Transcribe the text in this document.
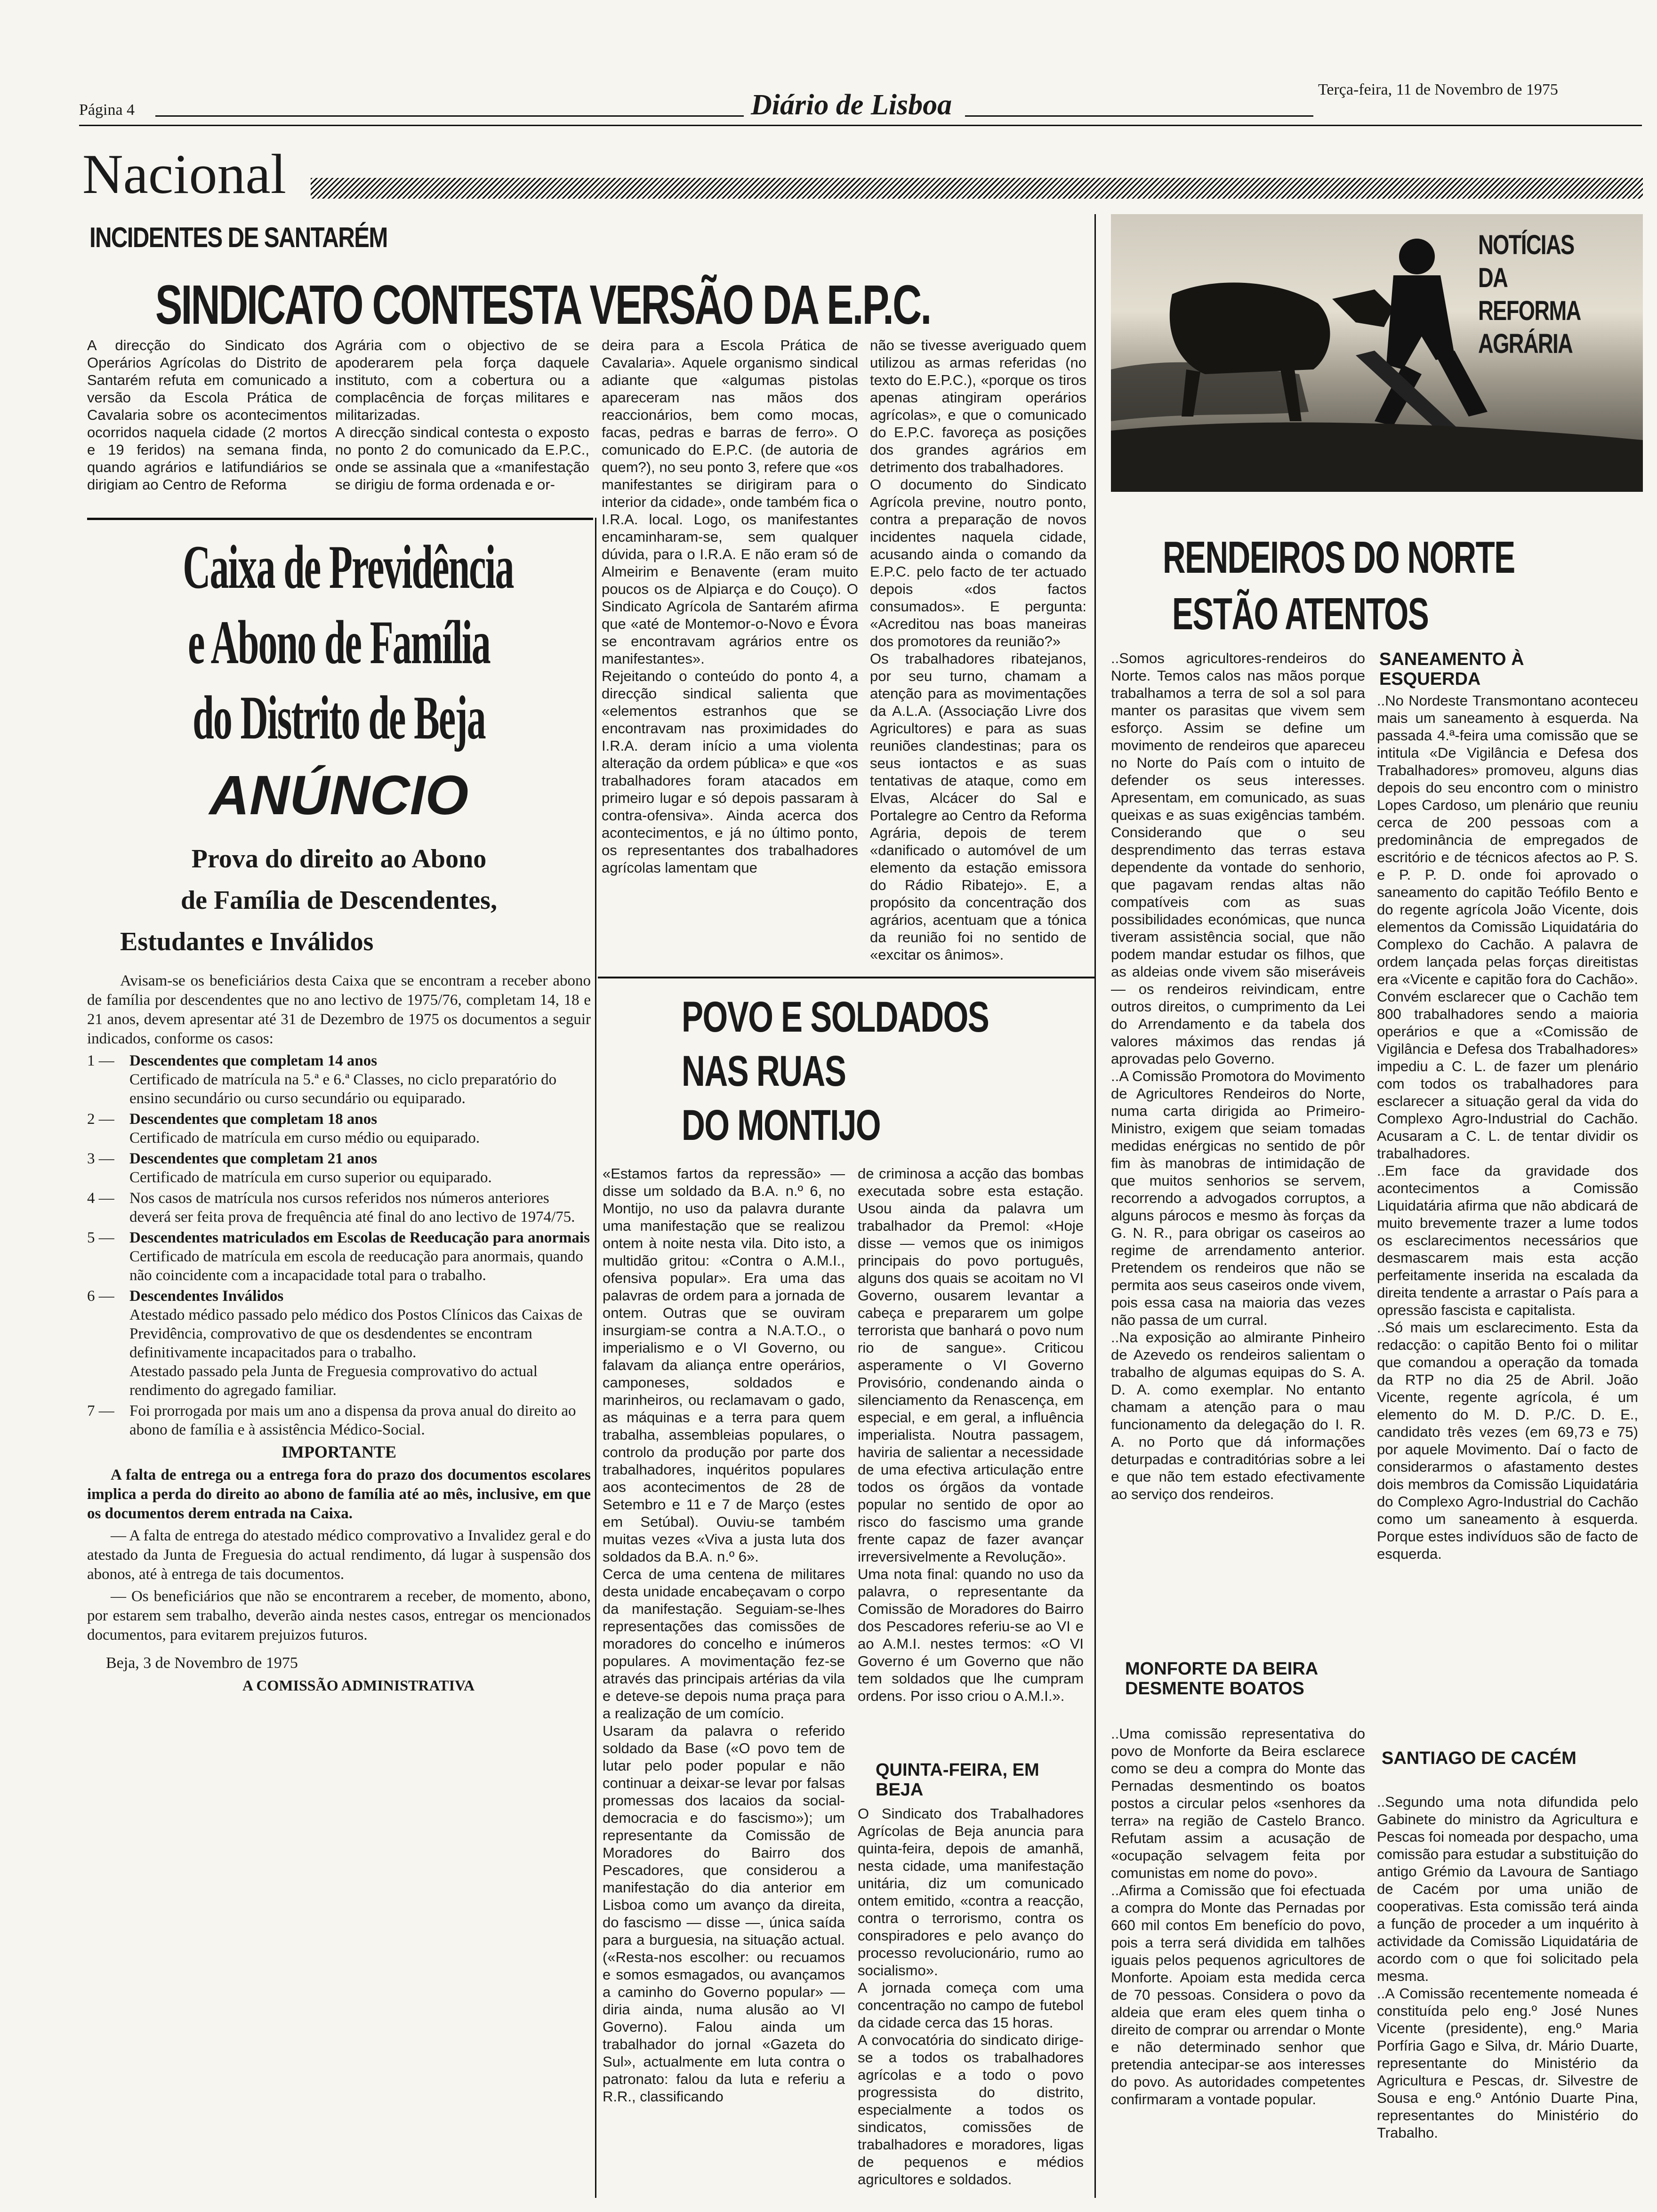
Página 4	Diário de Lisboa	Terça-feira, 11 de Novembro de 1975
Nacional
INCIDENTES DE SANTARÉM
SINDICATO CONTESTA VERSÃO DA E.P.C.

A direcção do Sindicato dos Operários Agrícolas do Distrito de Santarém refuta em comunicado a versão da Escola Prática de Cavalaria sobre os acontecimentos ocorridos naquela cidade (2 mortos e 19 feridos) na semana finda, quando agrários e latifundiários se dirigiam ao Centro de Reforma

Agrária com o objectivo de se apoderarem pela força daquele instituto, com a cobertura ou a complacência de forças militares e militarizadas.
A direcção sindical contesta o exposto no ponto 2 do comunicado da E.P.C., onde se assinala que a «manifestação se dirigiu de forma ordenada e or-

deira para a Escola Prática de Cavalaria». Aquele organismo sindical adiante que «algumas pistolas apareceram nas mãos dos reaccionários, bem como mocas, facas, pedras e barras de ferro». O comunicado do E.P.C. (de autoria de quem?), no seu ponto 3, refere que «os manifestantes se dirigiram para o interior da cidade», onde também fica o I.R.A. local. Logo, os manifestantes encaminharam-se, sem qualquer dúvida, para o I.R.A. E não eram só de Almeirim e Benavente (eram muito poucos os de Alpiarça e do Couço). O Sindicato Agrícola de Santarém afirma que «até de Montemor-o-Novo e Évora se encontravam agrários entre os manifestantes».
Rejeitando o conteúdo do ponto 4, a direcção sindical salienta que «elementos estranhos que se encontravam nas proximidades do I.R.A. deram início a uma violenta alteração da ordem pública» e que «os trabalhadores foram atacados em primeiro lugar e só depois passaram à contra-ofensiva». Ainda acerca dos acontecimentos, e já no último ponto, os representantes dos trabalhadores agrícolas lamentam que

não se tivesse averiguado quem utilizou as armas referidas (no texto do E.P.C.), «porque os tiros apenas atingiram operários agrícolas», e que o comunicado do E.P.C. favoreça as posições dos grandes agrários em detrimento dos trabalhadores.
O documento do Sindicato Agrícola previne, noutro ponto, contra a preparação de novos incidentes naquela cidade, acusando ainda o comando da E.P.C. pelo facto de ter actuado depois «dos factos consumados». E pergunta: «Acreditou nas boas maneiras dos promotores da reunião?»
Os trabalhadores ribatejanos, por seu turno, chamam a atenção para as movimentações da A.L.A. (Associação Livre dos Agricultores) e para as suas reuniões clandestinas; para os seus iontactos e as suas tentativas de ataque, como em Elvas, Alcácer do Sal e Portalegre ao Centro da Reforma Agrária, depois de terem «danificado o automóvel de um elemento da estação emissora do Rádio Ribatejo». E, a propósito da concentração dos agrários, acentuam que a tónica da reunião foi no sentido de «excitar os ânimos».

Caixa de Previdência
e Abono de Família
do Distrito de Beja
ANÚNCIO
Prova do direito ao Abono
de Família de Descendentes,
Estudantes e Inválidos

Avisam-se os beneficiários desta Caixa que se encontram a receber abono de família por descendentes que no ano lectivo de 1975/76, completam 14, 18 e 21 anos, devem apresentar até 31 de Dezembro de 1975 os documentos a seguir indicados, conforme os casos:

1 — Descendentes que completam 14 anos
Certificado de matrícula na 5.ª e 6.ª Classes, no ciclo preparatório do ensino secundário ou curso secundário ou equiparado.
2 — Descendentes que completam 18 anos
Certificado de matrícula em curso médio ou equiparado.
3 — Descendentes que completam 21 anos
Certificado de matrícula em curso superior ou equiparado.
4 — Nos casos de matrícula nos cursos referidos nos números anteriores deverá ser feita prova de frequência até final do ano lectivo de 1974/75.
5 — Descendentes matriculados em Escolas de Reeducação para anormais
Certificado de matrícula em escola de reeducação para anormais, quando não coincidente com a incapacidade total para o trabalho.
6 — Descendentes Inválidos
Atestado médico passado pelo médico dos Postos Clínicos das Caixas de Previdência, comprovativo de que os desdendentes se encontram definitivamente incapacitados para o trabalho.
Atestado passado pela Junta de Freguesia comprovativo do actual rendimento do agregado familiar.
7 — Foi prorrogada por mais um ano a dispensa da prova anual do direito ao abono de família e à assistência Médico-Social.
IMPORTANTE

A falta de entrega ou a entrega fora do prazo dos documentos escolares implica a perda do direito ao abono de família até ao mês, inclusive, em que os documentos derem entrada na Caixa.

— A falta de entrega do atestado médico comprovativo a Invalidez geral e do atestado da Junta de Freguesia do actual rendimento, dá lugar à suspensão dos abonos, até à entrega de tais documentos.

— Os beneficiários que não se encontrarem a receber, de momento, abono, por estarem sem trabalho, deverão ainda nestes casos, entregar os mencionados documentos, para evitarem prejuizos futuros.

Beja, 3 de Novembro de 1975
A COMISSÃO ADMINISTRATIVA
POVO E SOLDADOS
NAS RUAS
DO MONTIJO

«Estamos fartos da repressão» — disse um soldado da B.A. n.º 6, no Montijo, no uso da palavra durante uma manifestação que se realizou ontem à noite nesta vila. Dito isto, a multidão gritou: «Contra o A.M.I., ofensiva popular». Era uma das palavras de ordem para a jornada de ontem. Outras que se ouviram insurgiam-se contra a N.A.T.O., o imperialismo e o VI Governo, ou falavam da aliança entre operários, camponeses, soldados e marinheiros, ou reclamavam o gado, as máquinas e a terra para quem trabalha, assembleias populares, o controlo da produção por parte dos trabalhadores, inquéritos populares aos acontecimentos de 28 de Setembro e 11 e 7 de Março (estes em Setúbal). Ouviu-se também muitas vezes «Viva a justa luta dos soldados da B.A. n.º 6».
Cerca de uma centena de militares desta unidade encabeçavam o corpo da manifestação. Seguiam-se-lhes representações das comissões de moradores do concelho e inúmeros populares. A movimentação fez-se através das principais artérias da vila e deteve-se depois numa praça para a realização de um comício.
Usaram da palavra o referido soldado da Base («O povo tem de lutar pelo poder popular e não continuar a deixar-se levar por falsas promessas dos lacaios da social-democracia e do fascismo»); um representante da Comissão de Moradores do Bairro dos Pescadores, que considerou a manifestação do dia anterior em Lisboa como um avanço da direita, do fascismo — disse —, única saída para a burguesia, na situação actual. («Resta-nos escolher: ou recuamos e somos esmagados, ou avançamos a caminho do Governo popular» — diria ainda, numa alusão ao VI Governo). Falou ainda um trabalhador do jornal «Gazeta do Sul», actualmente em luta contra o patronato: falou da luta e referiu a R.R., classificando

de criminosa a acção das bombas executada sobre esta estação. Usou ainda da palavra um trabalhador da Premol: «Hoje disse — vemos que os inimigos principais do povo português, alguns dos quais se acoitam no VI Governo, ousarem levantar a cabeça e prepararem um golpe terrorista que banhará o povo num rio de sangue». Criticou asperamente o VI Governo Provisório, condenando ainda o silenciamento da Renascença, em especial, e em geral, a influência imperialista. Noutra passagem, haviria de salientar a necessidade de uma efectiva articulação entre todos os órgãos da vontade popular no sentido de opor ao risco do fascismo uma grande frente capaz de fazer avançar irreversivelmente a Revolução».
Uma nota final: quando no uso da palavra, o representante da Comissão de Moradores do Bairro dos Pescadores referiu-se ao VI e ao A.M.I. nestes termos: «O VI Governo é um Governo que não tem soldados que lhe cumpram ordens. Por isso criou o A.M.I.».

QUINTA-FEIRA, EM BEJA

O Sindicato dos Trabalhadores Agrícolas de Beja anuncia para quinta-feira, depois de amanhã, nesta cidade, uma manifestação unitária, diz um comunicado ontem emitido, «contra a reacção, contra o terrorismo, contra os conspiradores e pelo avanço do processo revolucionário, rumo ao socialismo».
A jornada começa com uma concentração no campo de futebol da cidade cerca das 15 horas.
A convocatória do sindicato dirige-se a todos os trabalhadores agrícolas e a todo o povo progressista do distrito, especialmente a todos os sindicatos, comissões de trabalhadores e moradores, ligas de pequenos e médios agricultores e soldados.

NOTÍCIAS
DA
REFORMA
AGRÁRIA
RENDEIROS DO NORTE
ESTÃO ATENTOS

..Somos agricultores-rendeiros do Norte. Temos calos nas mãos porque trabalhamos a terra de sol a sol para manter os parasitas que vivem sem esforço. Assim se define um movimento de rendeiros que apareceu no Norte do País com o intuito de defender os seus interesses. Apresentam, em comunicado, as suas queixas e as suas exigências também. Considerando que o seu desprendimento das terras estava dependente da vontade do senhorio, que pagavam rendas altas não compatíveis com as suas possibilidades económicas, que nunca tiveram assistência social, que não podem mandar estudar os filhos, que as aldeias onde vivem são miseráveis — os rendeiros reivindicam, entre outros direitos, o cumprimento da Lei do Arrendamento e da tabela dos valores máximos das rendas já aprovadas pelo Governo.
..A Comissão Promotora do Movimento de Agricultores Rendeiros do Norte, numa carta dirigida ao Primeiro-Ministro, exigem que seiam tomadas medidas enérgicas no sentido de pôr fim às manobras de intimidação de que muitos senhorios se servem, recorrendo a advogados corruptos, a alguns párocos e mesmo às forças da G. N. R., para obrigar os caseiros ao regime de arrendamento anterior. Pretendem os rendeiros que não se permita aos seus caseiros onde vivem, pois essa casa na maioria das vezes não passa de um curral.
..Na exposição ao almirante Pinheiro de Azevedo os rendeiros salientam o trabalho de algumas equipas do S. A. D. A. como exemplar. No entanto chamam a atenção para o mau funcionamento da delegação do I. R. A. no Porto que dá informações deturpadas e contraditórias sobre a lei e que não tem estado efectivamente ao serviço dos rendeiros.

MONFORTE DA BEIRA DESMENTE BOATOS

..Uma comissão representativa do povo de Monforte da Beira esclarece como se deu a compra do Monte das Pernadas desmentindo os boatos postos a circular pelos «senhores da terra» na região de Castelo Branco. Refutam assim a acusação de «ocupação selvagem feita por comunistas em nome do povo».
..Afirma a Comissão que foi efectuada a compra do Monte das Pernadas por 660 mil contos Em benefício do povo, pois a terra será dividida em talhões iguais pelos pequenos agricultores de Monforte. Apoiam esta medida cerca de 70 pessoas. Considera o povo da aldeia que eram eles quem tinha o direito de comprar ou arrendar o Monte e não determinado senhor que pretendia antecipar-se aos interesses do povo. As autoridades competentes confirmaram a vontade popular.

SANEAMENTO À ESQUERDA

..No Nordeste Transmontano aconteceu mais um saneamento à esquerda. Na passada 4.ª-feira uma comissão que se intitula «De Vigilância e Defesa dos Trabalhadores» promoveu, alguns dias depois do seu encontro com o ministro Lopes Cardoso, um plenário que reuniu cerca de 200 pessoas com a predominância de empregados de escritório e de técnicos afectos ao P. S. e P. P. D. onde foi aprovado o saneamento do capitão Teófilo Bento e do regente agrícola João Vicente, dois elementos da Comissão Liquidatária do Complexo do Cachão. A palavra de ordem lançada pelas forças direitistas era «Vicente e capitão fora do Cachão». Convém esclarecer que o Cachão tem 800 trabalhadores sendo a maioria operários e que a «Comissão de Vigilância e Defesa dos Trabalhadores» impediu a C. L. de fazer um plenário com todos os trabalhadores para esclarecer a situação geral da vida do Complexo Agro-Industrial do Cachão. Acusaram a C. L. de tentar dividir os trabalhadores.
..Em face da gravidade dos acontecimentos a Comissão Liquidatária afirma que não abdicará de muito brevemente trazer a lume todos os esclarecimentos necessários que desmascarem mais esta acção perfeitamente inserida na escalada da direita tendente a arrastar o País para a opressão fascista e capitalista.
..Só mais um esclarecimento. Esta da redacção: o capitão Bento foi o militar que comandou a operação da tomada da RTP no dia 25 de Abril. João Vicente, regente agrícola, é um elemento do M. D. P./C. D. E., candidato três vezes (em 69,73 e 75) por aquele Movimento. Daí o facto de considerarmos o afastamento destes dois membros da Comissão Liquidatária do Complexo Agro-Industrial do Cachão como um saneamento à esquerda. Porque estes indivíduos são de facto de esquerda.

SANTIAGO DE CACÉM

..Segundo uma nota difundida pelo Gabinete do ministro da Agricultura e Pescas foi nomeada por despacho, uma comissão para estudar a substituição do antigo Grémio da Lavoura de Santiago de Cacém por uma união de cooperativas. Esta comissão terá ainda a função de proceder a um inquérito à actividade da Comissão Liquidatária de acordo com o que foi solicitado pela mesma.
..A Comissão recentemente nomeada é constituída pelo eng.º José Nunes Vicente (presidente), eng.º Maria Porfíria Gago e Silva, dr. Mário Duarte, representante do Ministério da Agricultura e Pescas, dr. Silvestre de Sousa e eng.º António Duarte Pina, representantes do Ministério do Trabalho.
